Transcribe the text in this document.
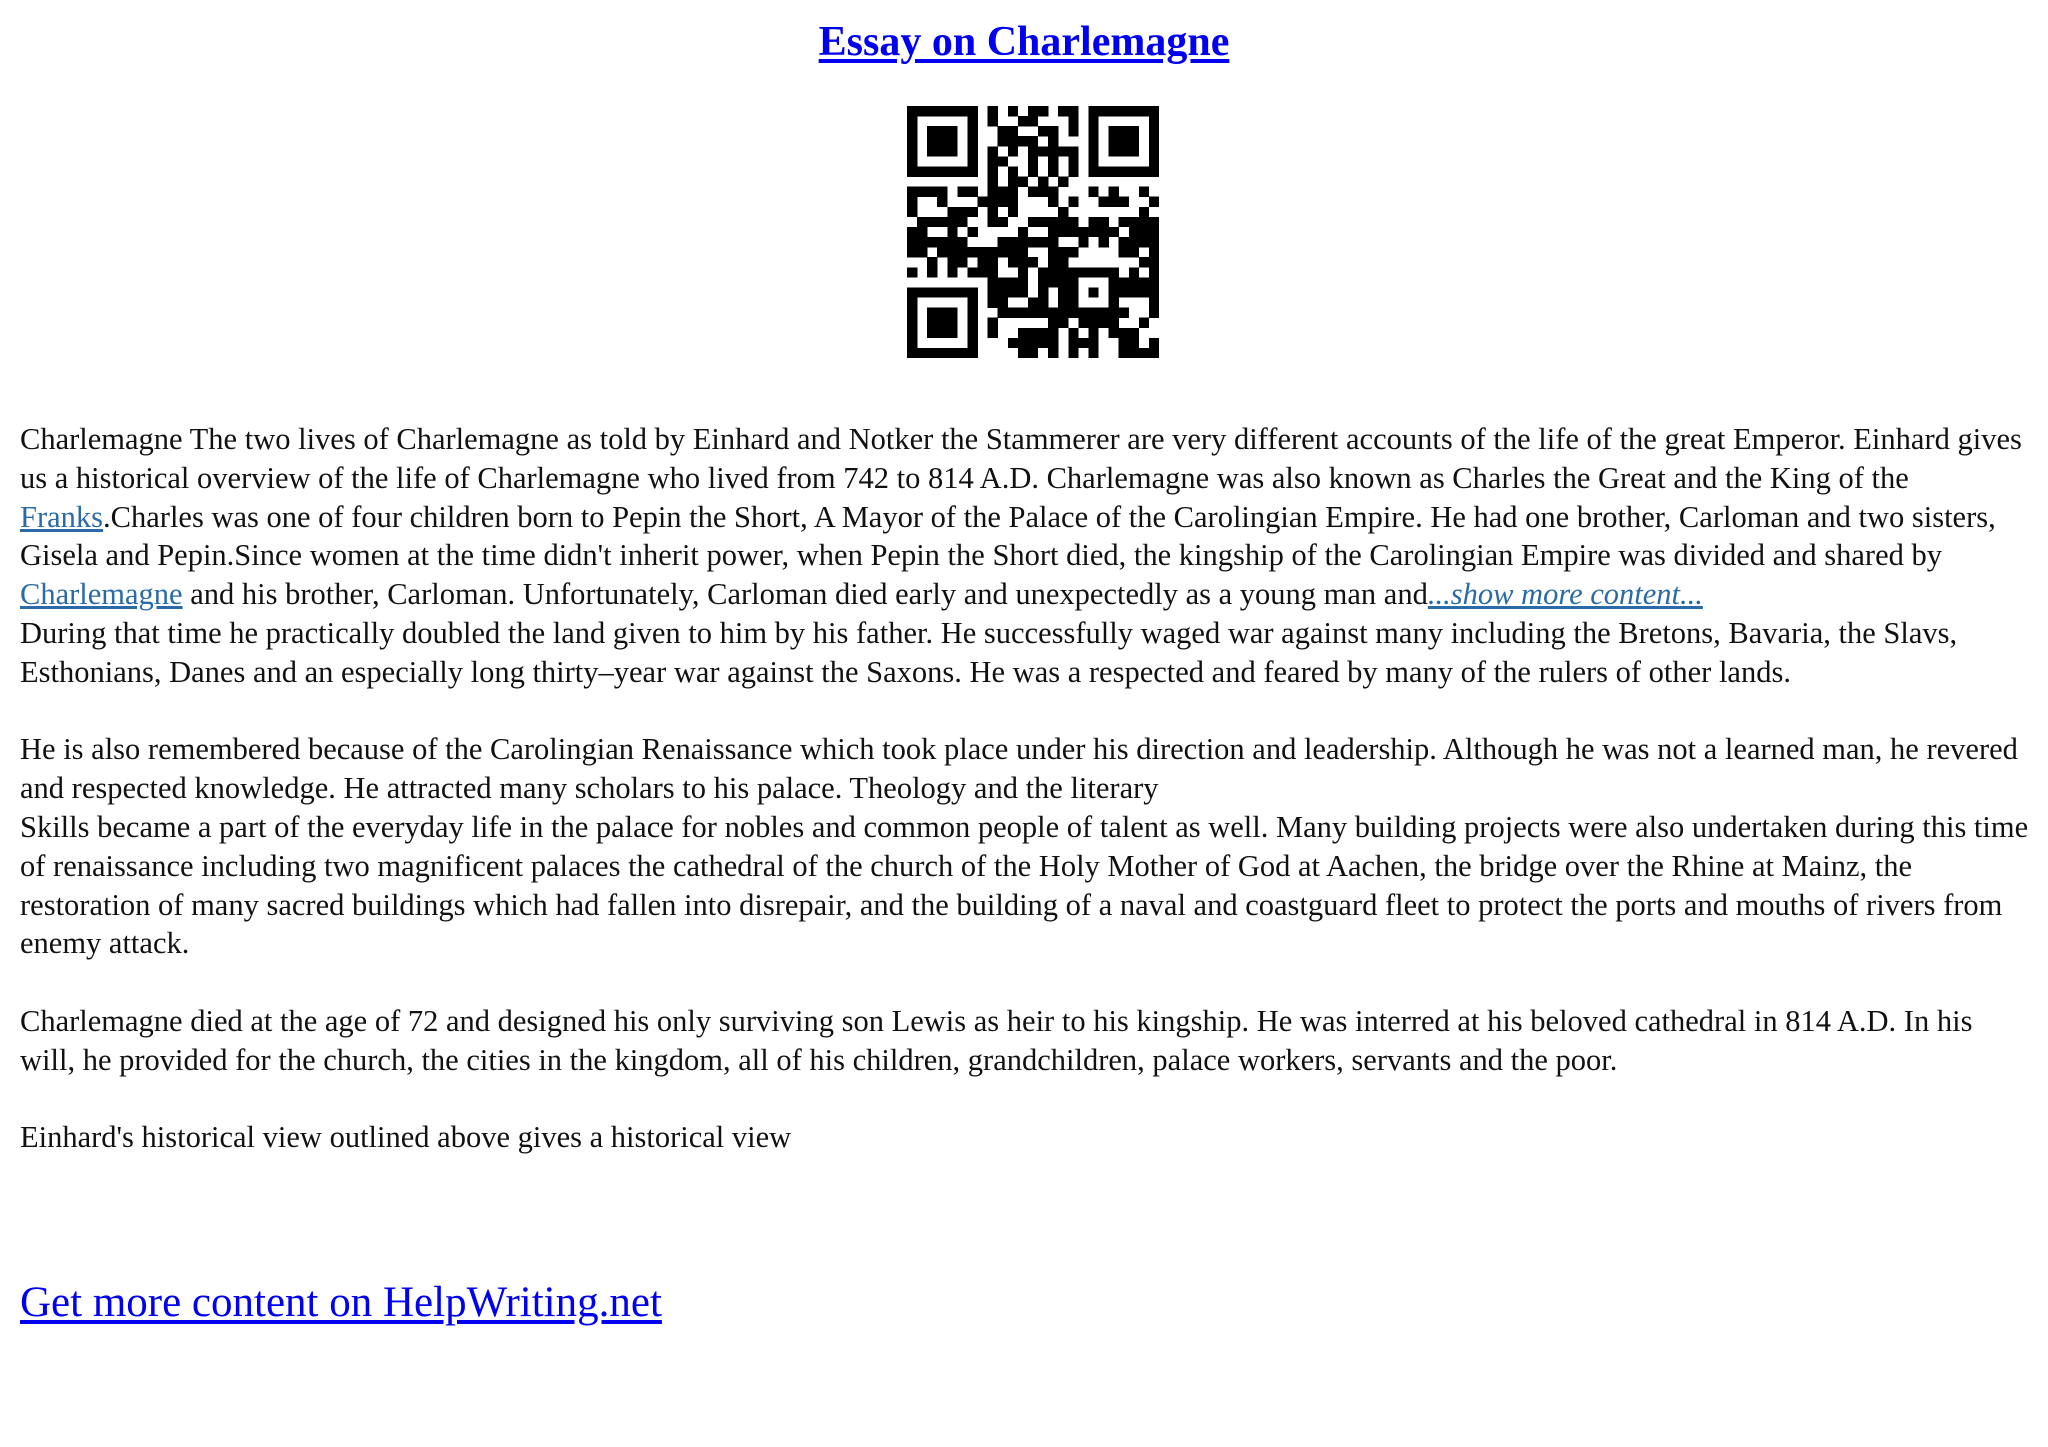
Essay on Charlemagne

Charlemagne The two lives of Charlemagne as told by Einhard and Notker the Stammerer are very different accounts of the life of the great Emperor. Einhard gives us a historical overview of the life of Charlemagne who lived from 742 to 814 A.D. Charlemagne was also known as Charles the Great and the King of the Franks.Charles was one of four children born to Pepin the Short, A Mayor of the Palace of the Carolingian Empire. He had one brother, Carloman and two sisters, Gisela and Pepin.Since women at the time didn't inherit power, when Pepin the Short died, the kingship of the Carolingian Empire was divided and shared by Charlemagne and his brother, Carloman. Unfortunately, Carloman died early and unexpectedly as a young man and...show more content...

During that time he practically doubled the land given to him by his father. He successfully waged war against many including the Bretons, Bavaria, the Slavs, Esthonians, Danes and an especially long thirty–year war against the Saxons. He was a respected and feared by many of the rulers of other lands.

He is also remembered because of the Carolingian Renaissance which took place under his direction and leadership. Although he was not a learned man, he revered and respected knowledge. He attracted many scholars to his palace. Theology and the literary

Skills became a part of the everyday life in the palace for nobles and common people of talent as well. Many building projects were also undertaken during this time of renaissance including two magnificent palaces the cathedral of the church of the Holy Mother of God at Aachen, the bridge over the Rhine at Mainz, the restoration of many sacred buildings which had fallen into disrepair, and the building of a naval and coastguard fleet to protect the ports and mouths of rivers from enemy attack.

Charlemagne died at the age of 72 and designed his only surviving son Lewis as heir to his kingship. He was interred at his beloved cathedral in 814 A.D. In his will, he provided for the church, the cities in the kingdom, all of his children, grandchildren, palace workers, servants and the poor.

Einhard's historical view outlined above gives a historical view

Get more content on HelpWriting.net
